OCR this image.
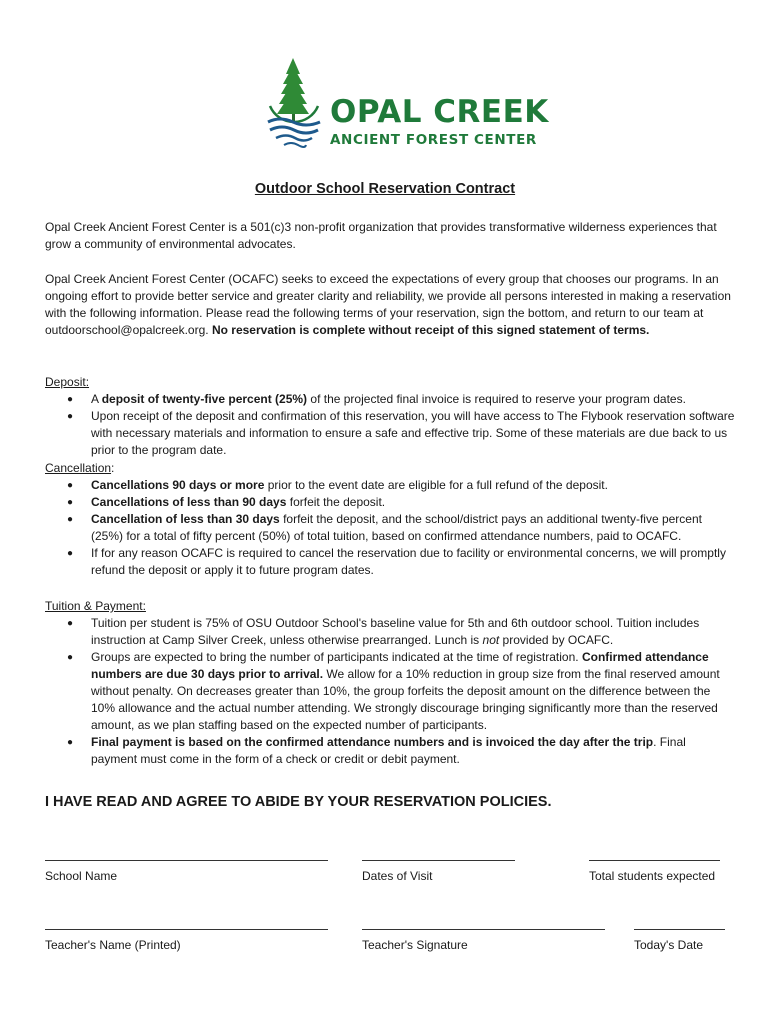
OPAL CREEK
ANCIENT FOREST CENTER
Outdoor School Reservation Contract
Opal Creek Ancient Forest Center is a 501(c)3 non-profit organization that provides transformative wilderness experiences that grow a community of environmental advocates.
Opal Creek Ancient Forest Center (OCAFC) seeks to exceed the expectations of every group that chooses our programs. In an ongoing effort to provide better service and greater clarity and reliability, we provide all persons interested in making a reservation with the following information. Please read the following terms of your reservation, sign the bottom, and return to our team at outdoorschool@opalcreek.org. No reservation is complete without receipt of this signed statement of terms.
Deposit:
● A deposit of twenty-five percent (25%) of the projected final invoice is required to reserve your program dates.
● Upon receipt of the deposit and confirmation of this reservation, you will have access to The Flybook reservation software with necessary materials and information to ensure a safe and effective trip. Some of these materials are due back to us prior to the program date.
Cancellation:
● Cancellations 90 days or more prior to the event date are eligible for a full refund of the deposit.
● Cancellations of less than 90 days forfeit the deposit.
● Cancellation of less than 30 days forfeit the deposit, and the school/district pays an additional twenty-five percent (25%) for a total of fifty percent (50%) of total tuition, based on confirmed attendance numbers, paid to OCAFC.
● If for any reason OCAFC is required to cancel the reservation due to facility or environmental concerns, we will promptly refund the deposit or apply it to future program dates.
Tuition & Payment:
● Tuition per student is 75% of OSU Outdoor School's baseline value for 5th and 6th outdoor school. Tuition includes instruction at Camp Silver Creek, unless otherwise prearranged. Lunch is not provided by OCAFC.
● Groups are expected to bring the number of participants indicated at the time of registration. Confirmed attendance numbers are due 30 days prior to arrival. We allow for a 10% reduction in group size from the final reserved amount without penalty. On decreases greater than 10%, the group forfeits the deposit amount on the difference between the 10% allowance and the actual number attending. We strongly discourage bringing significantly more than the reserved amount, as we plan staffing based on the expected number of participants.
● Final payment is based on the confirmed attendance numbers and is invoiced the day after the trip. Final payment must come in the form of a check or credit or debit payment.
I HAVE READ AND AGREE TO ABIDE BY YOUR RESERVATION POLICIES.
School Name	Dates of Visit	Total students expected
Teacher's Name (Printed)	Teacher's Signature	Today's Date
